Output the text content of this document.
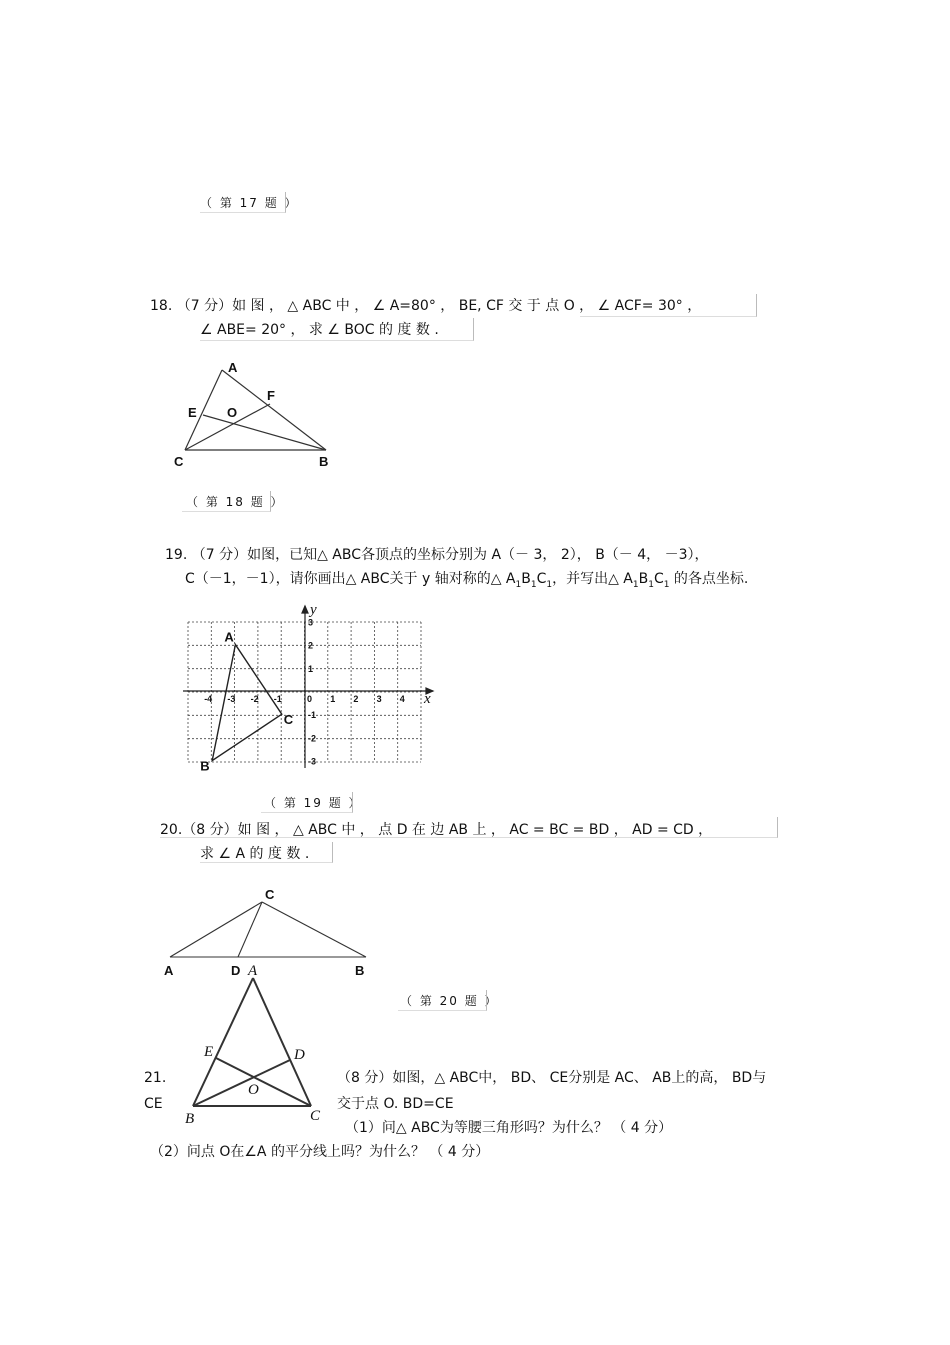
（ 第 17 题 ）
18. （7 分）如 图 ， △ ABC 中 ， ∠ A=80° ， BE, CF 交 于 点 O ， ∠ ACF= 30° ，
∠ ABE= 20° ， 求 ∠ BOC 的 度 数 .
A
F
E O
C	B
（ 第 18 题 ）
19. （7 分）如图，已知△ ABC各顶点的坐标分别为 A（－ 3， 2）， B（－ 4， －3），
C（－1，－1），请你画出△ ABC关于 y 轴对称的△ $A_1B_1C_1$，并写出△ $A_1B_1C_1$ 的各点坐标.
-4 -3 -2 -1	0 1 2 3 4
3
2
1
-1
-2
-3
A
B
C
x
y
（ 第 19 题 ）
20.（8 分）如 图 ， △ ABC 中 ， 点 D 在 边 AB 上 ， AC = BC = BD ， AD = CD ，
求 ∠ A 的 度 数 .
C
A	D	B
（ 第 20 题 ）
A
D
E
O
B	C
21.
CE
（8 分）如图，△ ABC中， BD、 CE分别是 AC、 AB上的高， BD与
交于点 O. BD=CE
（1）问△ ABC为等腰三角形吗？为什么？ （ 4 分）
（2）问点 O在∠A 的平分线上吗？为什么？ （ 4 分）
